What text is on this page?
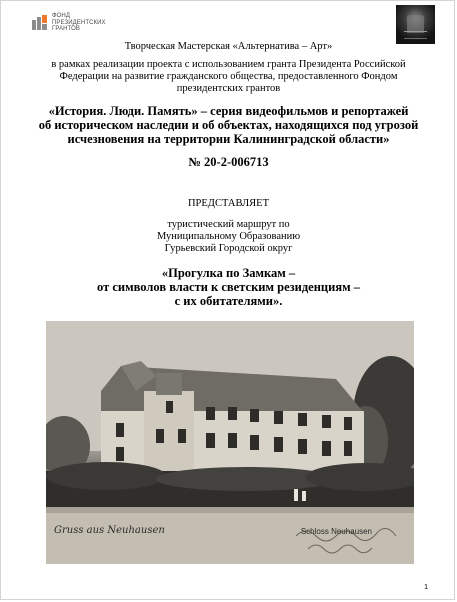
ФОНД
ПРЕЗИДЕНТСКИХ
ГРАНТОВ
Творческая Мастерская «Альтернатива – Арт»
в рамках реализации проекта с использованием гранта Президента Российской
Федерации на развитие гражданского общества, предоставленного Фондом
президентских грантов
«История. Люди. Память» – серия видеофильмов и репортажей
об историческом наследии и об объектах, находящихся под угрозой
исчезновения на территории Калининградской области»
№ 20-2-006713
ПРЕДСТАВЛЯЕТ
туристический маршрут по
Муниципальному Образованию
Гурьевский Городской округ
«Прогулка по Замкам –
от символов власти к светским резиденциям –
с их обитателями».
Gruss aus Neuhausen	Schloss Neuhausen
1
